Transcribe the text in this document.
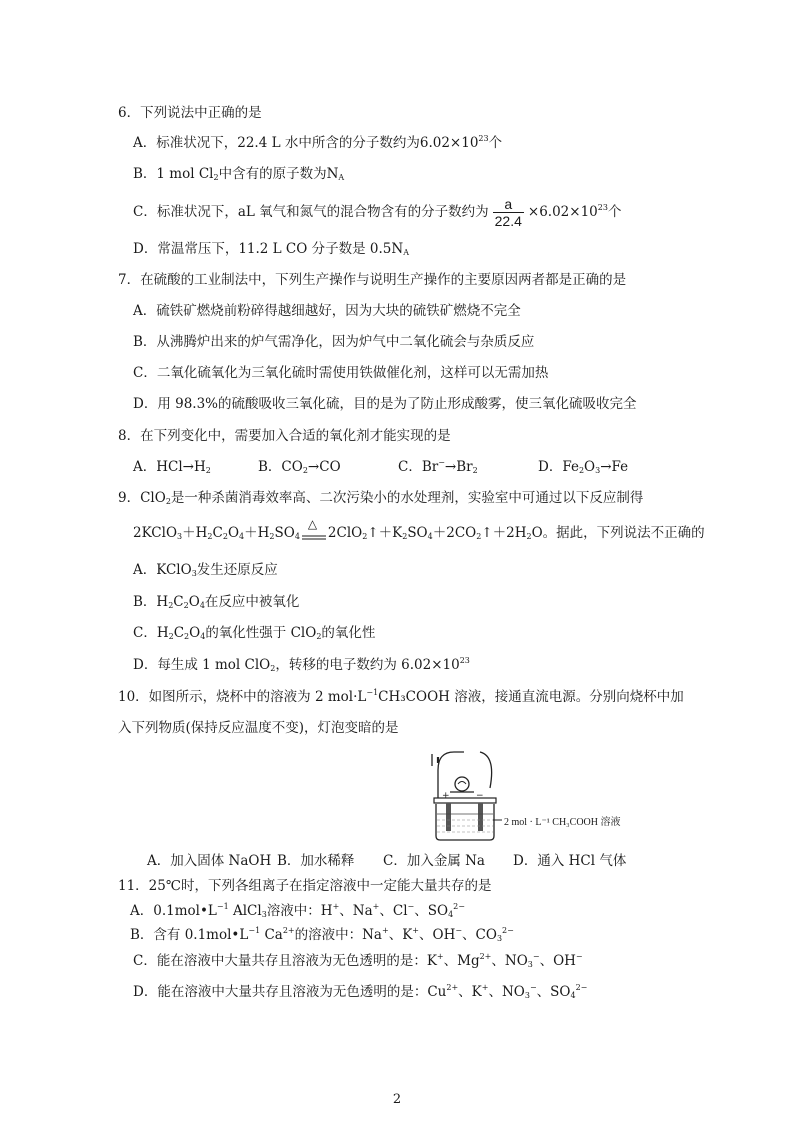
6．下列说法中正确的是
A．标准状况下，22.4 L 水中所含的分子数约为$6.02\times 10^{23}$个
B．1 mol $Cl_2$中含有的原子数为$N_A$
C．标准状况下，aL 氧气和氮气的混合物含有的分子数约为 $\frac{a}{22.4} \times 6.02\times 10^{23}$个
D．常温常压下，11.2 L CO 分子数是 $0.5N_A$
7．在硫酸的工业制法中，下列生产操作与说明生产操作的主要原因两者都是正确的是
A．硫铁矿燃烧前粉碎得越细越好，因为大块的硫铁矿燃烧不完全
B．从沸腾炉出来的炉气需净化，因为炉气中二氧化硫会与杂质反应
C．二氧化硫氧化为三氧化硫时需使用铁做催化剂，这样可以无需加热
D．用 98.3%的硫酸吸收三氧化硫，目的是为了防止形成酸雾，使三氧化硫吸收完全
8．在下列变化中，需要加入合适的氧化剂才能实现的是
A．$HCl\to H_2$	B．$CO_2\to CO$	C．$Br^-\to Br_2$	D．$Fe_2O_3\to Fe$
9．ClO$_2$是一种杀菌消毒效率高、二次污染小的水处理剂，实验室中可通过以下反应制得
$2KClO_3+H_2C_2O_4+H_2SO_4$
△
$2ClO_2↑+K_2SO_4+2CO_2↑+2H_2O$。据此，下列说法不正确的
A．KClO$_3$发生还原反应
B．$H_2C_2O_4$在反应中被氧化
C．$H_2C_2O_4$的氧化性强于 ClO$_2$的氧化性
D．每生成 1 mol ClO$_2$，转移的电子数约为 $6.02\times 10^{23}$
10．如图所示，烧杯中的溶液为 2 $mol\cdot L^{-1}CH_3COOH$ 溶液，接通直流电源。分别向烧杯中加
入下列物质(保持反应温度不变)，灯泡变暗的是
+	−
2 mol · L⁻¹ CH₃COOH 溶液
A．加入固体 NaOH B．加水稀释 C．加入金属 Na D．通入 HCl 气体
11．25℃时，下列各组离子在指定溶液中一定能大量共存的是
A．$0.1mol•L^{-1}$ AlCl$_3$溶液中：H+、Na+、Cl−、$SO_4^{2-}$
B．含有 $0.1mol•L^{-1}$ $Ca^{2+}$的溶液中：Na+、K+、OH−、$CO_3^{2-}$
C．能在溶液中大量共存且溶液为无色透明的是：K+、$Mg^{2+}$、$NO_3^-$、OH−
D．能在溶液中大量共存且溶液为无色透明的是：$Cu^{2+}$、K+、$NO_3^-$、$SO_4^{2-}$
2
